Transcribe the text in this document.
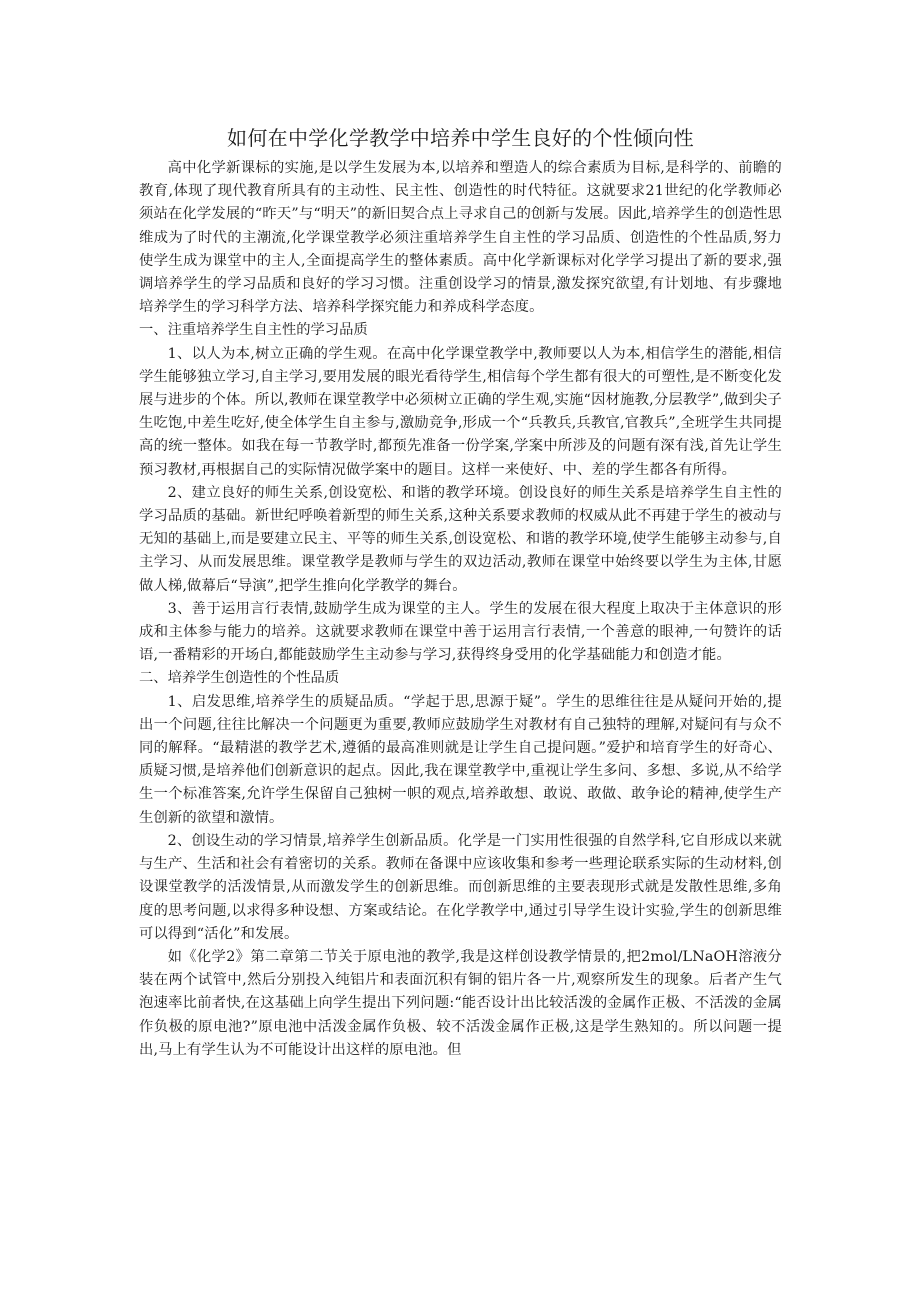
如何在中学化学教学中培养中学生良好的个性倾向性

高中化学新课标的实施,是以学生发展为本,以培养和塑造人的综合素质为目标,是科学的、前瞻的教育,体现了现代教育所具有的主动性、民主性、创造性的时代特征。这就要求21世纪的化学教师必须站在化学发展的“昨天”与“明天”的新旧契合点上寻求自己的创新与发展。因此,培养学生的创造性思维成为了时代的主潮流,化学课堂教学必须注重培养学生自主性的学习品质、创造性的个性品质,努力使学生成为课堂中的主人,全面提高学生的整体素质。高中化学新课标对化学学习提出了新的要求,强调培养学生的学习品质和良好的学习习惯。注重创设学习的情景,激发探究欲望,有计划地、有步骤地培养学生的学习科学方法、培养科学探究能力和养成科学态度。

一、注重培养学生自主性的学习品质

1、以人为本,树立正确的学生观。在高中化学课堂教学中,教师要以人为本,相信学生的潜能,相信学生能够独立学习,自主学习,要用发展的眼光看待学生,相信每个学生都有很大的可塑性,是不断变化发展与进步的个体。所以,教师在课堂教学中必须树立正确的学生观,实施“因材施教,分层教学”,做到尖子生吃饱,中差生吃好,使全体学生自主参与,激励竞争,形成一个“兵教兵,兵教官,官教兵”,全班学生共同提高的统一整体。如我在每一节教学时,都预先准备一份学案,学案中所涉及的问题有深有浅,首先让学生预习教材,再根据自己的实际情况做学案中的题目。这样一来使好、中、差的学生都各有所得。

2、建立良好的师生关系,创设宽松、和谐的教学环境。创设良好的师生关系是培养学生自主性的学习品质的基础。新世纪呼唤着新型的师生关系,这种关系要求教师的权威从此不再建于学生的被动与无知的基础上,而是要建立民主、平等的师生关系,创设宽松、和谐的教学环境,使学生能够主动参与,自主学习、从而发展思维。课堂教学是教师与学生的双边活动,教师在课堂中始终要以学生为主体,甘愿做人梯,做幕后“导演”,把学生推向化学教学的舞台。

3、善于运用言行表情,鼓励学生成为课堂的主人。学生的发展在很大程度上取决于主体意识的形成和主体参与能力的培养。这就要求教师在课堂中善于运用言行表情,一个善意的眼神,一句赞许的话语,一番精彩的开场白,都能鼓励学生主动参与学习,获得终身受用的化学基础能力和创造才能。

二、培养学生创造性的个性品质

1、启发思维,培养学生的质疑品质。“学起于思,思源于疑”。学生的思维往往是从疑问开始的,提出一个问题,往往比解决一个问题更为重要,教师应鼓励学生对教材有自己独特的理解,对疑问有与众不同的解释。“最精湛的教学艺术,遵循的最高准则就是让学生自己提问题。”爱护和培育学生的好奇心、质疑习惯,是培养他们创新意识的起点。因此,我在课堂教学中,重视让学生多问、多想、多说,从不给学生一个标准答案,允许学生保留自己独树一帜的观点,培养敢想、敢说、敢做、敢争论的精神,使学生产生创新的欲望和激情。

2、创设生动的学习情景,培养学生创新品质。化学是一门实用性很强的自然学科,它自形成以来就与生产、生活和社会有着密切的关系。教师在备课中应该收集和参考一些理论联系实际的生动材料,创设课堂教学的活泼情景,从而激发学生的创新思维。而创新思维的主要表现形式就是发散性思维,多角度的思考问题,以求得多种设想、方案或结论。在化学教学中,通过引导学生设计实验,学生的创新思维可以得到“活化”和发展。

如《化学2》第二章第二节关于原电池的教学,我是这样创设教学情景的,把2mol/LNaOH溶液分装在两个试管中,然后分别投入纯铝片和表面沉积有铜的铝片各一片,观察所发生的现象。后者产生气泡速率比前者快,在这基础上向学生提出下列问题:“能否设计出比较活泼的金属作正极、不活泼的金属作负极的原电池?”原电池中活泼金属作负极、较不活泼金属作正极,这是学生熟知的。所以问题一提出,马上有学生认为不可能设计出这样的原电池。但
